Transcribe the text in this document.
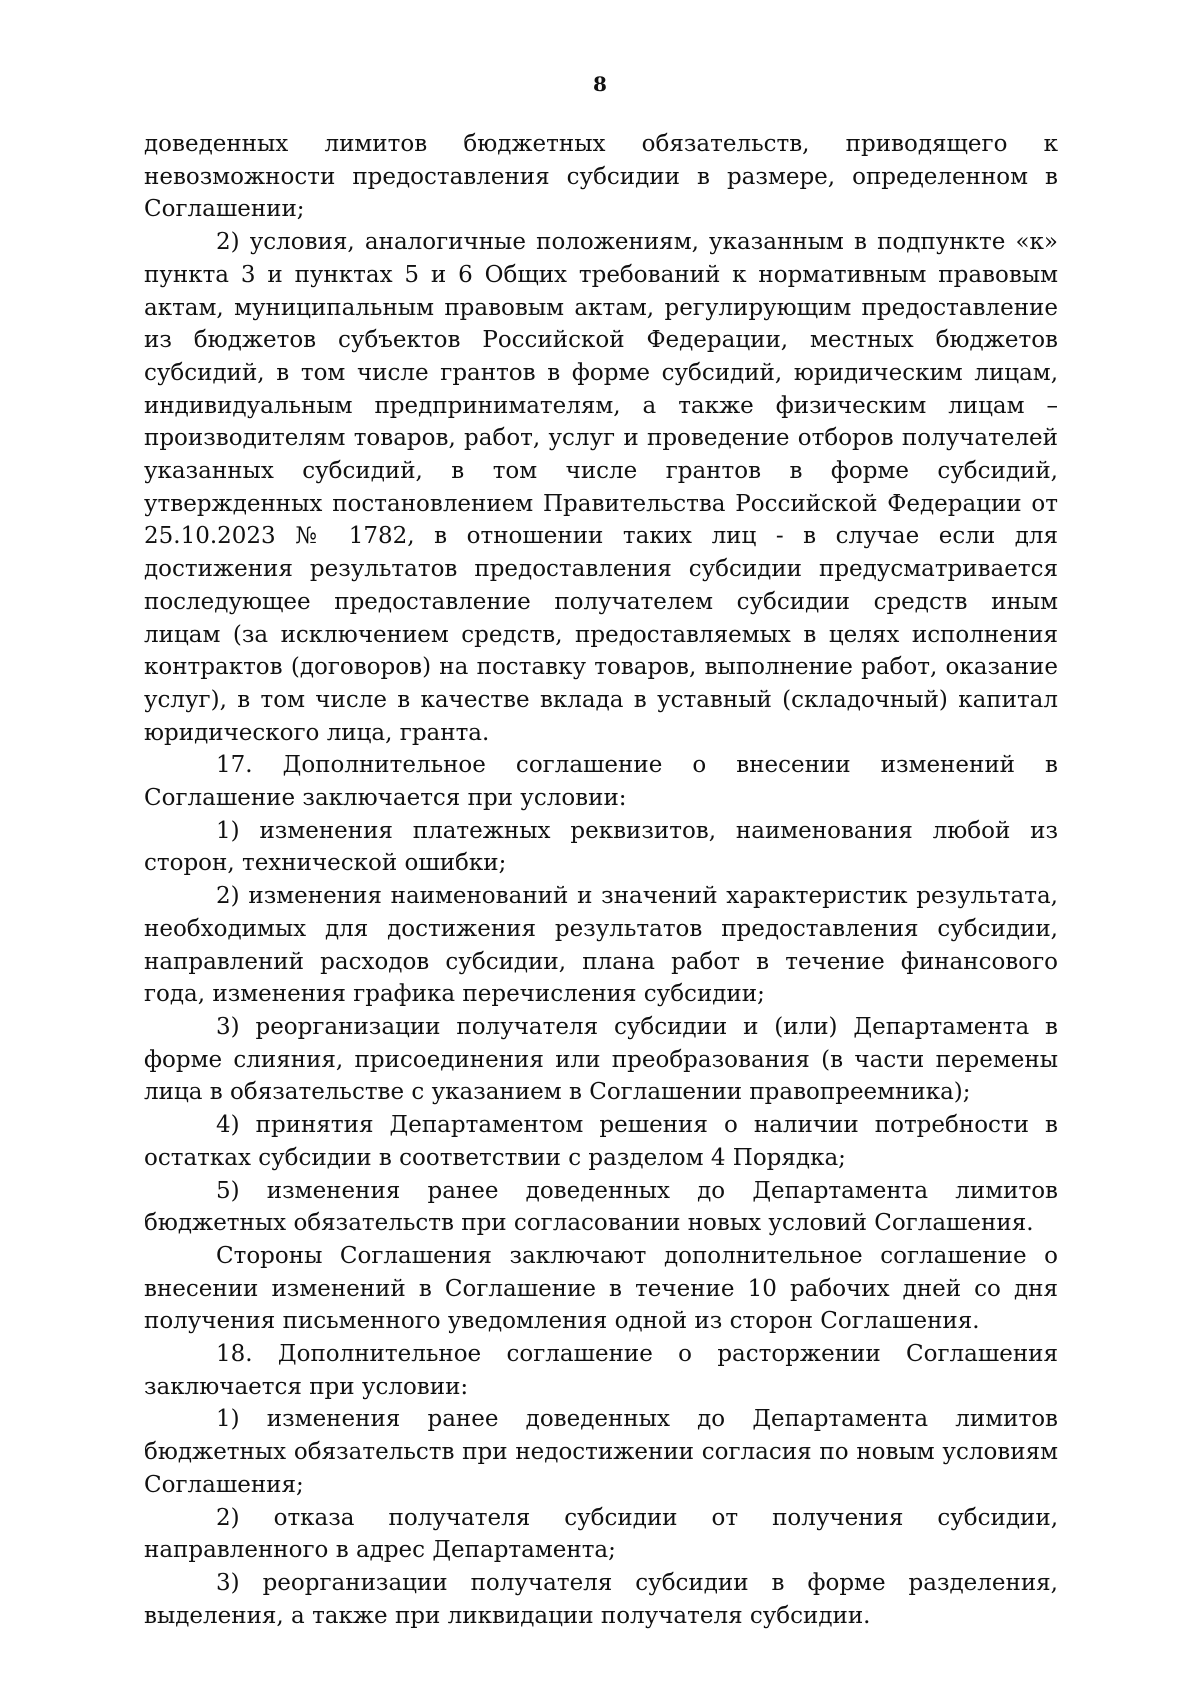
8

доведенных лимитов бюджетных обязательств, приводящего к невозможности предоставления субсидии в размере, определенном в Соглашении;

2) условия, аналогичные положениям, указанным в подпункте «к» пункта 3 и пунктах 5 и 6 Общих требований к нормативным правовым актам, муниципальным правовым актам, регулирующим предоставление из бюджетов субъектов Российской Федерации, местных бюджетов субсидий, в том числе грантов в форме субсидий, юридическим лицам, индивидуальным предпринимателям, а также физическим лицам – производителям товаров, работ, услуг и проведение отборов получателей указанных субсидий, в том числе грантов в форме субсидий, утвержденных постановлением Правительства Российской Федерации от 25.10.2023 № 1782, в отношении таких лиц - в случае если для достижения результатов предоставления субсидии предусматривается последующее предоставление получателем субсидии средств иным лицам (за исключением средств, предоставляемых в целях исполнения контрактов (договоров) на поставку товаров, выполнение работ, оказание услуг), в том числе в качестве вклада в уставный (складочный) капитал юридического лица, гранта.

17. Дополнительное соглашение о внесении изменений в Соглашение заключается при условии:

1) изменения платежных реквизитов, наименования любой из сторон, технической ошибки;

2) изменения наименований и значений характеристик результата, необходимых для достижения результатов предоставления субсидии, направлений расходов субсидии, плана работ в течение финансового года, изменения графика перечисления субсидии;

3) реорганизации получателя субсидии и (или) Департамента в форме слияния, присоединения или преобразования (в части перемены лица в обязательстве с указанием в Соглашении правопреемника);

4) принятия Департаментом решения о наличии потребности в остатках субсидии в соответствии с разделом 4 Порядка;

5) изменения ранее доведенных до Департамента лимитов бюджетных обязательств при согласовании новых условий Соглашения.

Стороны Соглашения заключают дополнительное соглашение о внесении изменений в Соглашение в течение 10 рабочих дней со дня получения письменного уведомления одной из сторон Соглашения.

18. Дополнительное соглашение о расторжении Соглашения заключается при условии:

1) изменения ранее доведенных до Департамента лимитов бюджетных обязательств при недостижении согласия по новым условиям Соглашения;

2) отказа получателя субсидии от получения субсидии, направленного в адрес Департамента;

3) реорганизации получателя субсидии в форме разделения, выделения, а также при ликвидации получателя субсидии.
